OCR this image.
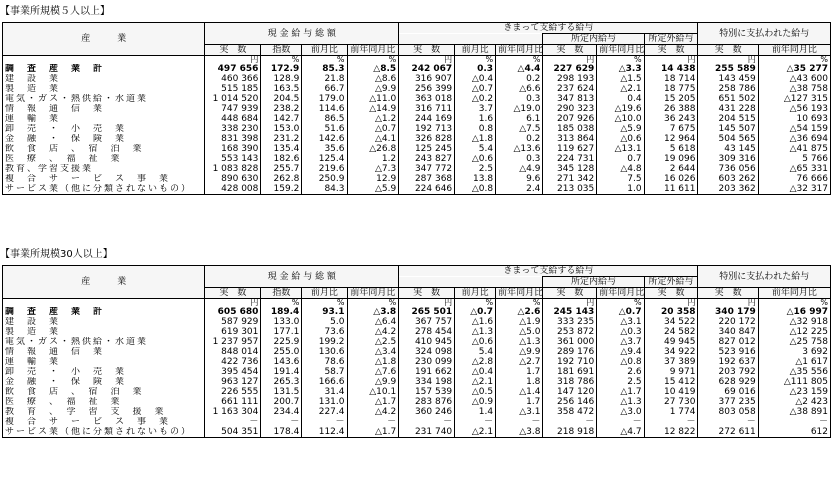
【事業所規模５人以上】
産　　　業	現 金 給 与 総 額				きまって支給する給与						特別に支払われた給与	
								所定内給与		所定外給与		
	実　数	指数	前月比	前年同月比	実　数	前月比	前年同月比	実　数	前年同月比	実　数	実　数	前年同月比
	円	%	%	%	円	%	%	円	%	円	円	%
調　査　産　業　計	497 656	172.9	85.3	△8.5	242 067	0.3	△4.4	227 629	△3.3	14 438	255 589	△35 277
建　設　業	460 366	128.9	21.8	△8.6	316 907	△0.4	0.2	298 193	△1.5	18 714	143 459	△43 600
製　造　業	515 185	163.5	66.7	△9.9	256 399	△0.7	△6.6	237 624	△2.1	18 775	258 786	△38 758
電気・ガス・熱供給・水道業	1 014 520	204.5	179.0	△11.0	363 018	△0.2	0.3	347 813	0.4	15 205	651 502	△127 315
情　報　通　信　業	747 939	238.2	114.6	△14.9	316 711	3.7	△19.0	290 323	△19.6	26 388	431 228	△56 193
運　輸　業	448 684	142.7	86.5	△1.2	244 169	1.6	6.1	207 926	△10.0	36 243	204 515	10 693
卸　売　・　小　売　業	338 230	153.0	51.6	△0.7	192 713	0.8	△7.5	185 038	△5.9	7 675	145 507	△54 159
金　融　・　保　険　業	831 398	231.2	142.6	△4.1	326 828	△1.8	0.2	313 864	△0.6	12 964	504 565	△36 694
飲　食　店　、　宿　泊　業	168 390	135.4	35.6	△26.8	125 245	5.4	△13.6	119 627	△13.1	5 618	43 145	△41 875
医　療　、　福　祉　業	553 143	182.6	125.4	1.2	243 827	△0.6	0.3	224 731	0.7	19 096	309 316	5 766
教育、学習支援業	1 083 828	255.7	219.6	△7.3	347 772	2.5	△4.9	345 128	△4.8	2 644	736 056	△65 331
複　合　サ　ー　ビ　ス　事　業	890 630	262.8	250.9	12.9	287 368	13.8	9.6	271 342	7.5	16 026	603 262	76 666
サービス業（他に分類されないもの）	428 008	159.2	84.3	△5.9	224 646	△0.8	2.4	213 035	1.0	11 611	203 362	△32 317
【事業所規模30人以上】
産　　　業	現 金 給 与 総 額				きまって支給する給与						特別に支払われた給与	
								所定内給与		所定外給与		
	実　数	指数	前月比	前年同月比	実　数	前月比	前年同月比	実　数	前年同月比	実　数	実　数	前年同月比
	円	%	%	%	円	%	%	円	%	円	円	%
調　査　産　業　計	605 680	189.4	93.1	△3.8	265 501	△0.7	△2.6	245 143	△0.7	20 358	340 179	△16 997
建　設　業	587 929	133.0	5.0	△6.4	367 757	△1.6	△1.9	333 235	△3.1	34 522	220 172	△32 918
製　造　業	619 301	177.1	73.6	△4.2	278 454	△1.3	△5.0	253 872	△0.3	24 582	340 847	△12 225
電気・ガス・熱供給・水道業	1 237 957	225.9	199.2	△2.5	410 945	△0.6	△1.3	361 000	△3.7	49 945	827 012	△25 758
情　報　通　信　業	848 014	255.0	130.6	△3.4	324 098	5.4	△9.9	289 176	△9.4	34 922	523 916	3 692
運　輸　業	422 736	143.6	78.6	△1.8	230 099	△2.8	△2.7	192 710	△0.8	37 389	192 637	△1 617
卸　売　・　小　売　業	395 454	191.4	58.7	△7.6	191 662	△0.4	1.7	181 691	2.6	9 971	203 792	△35 556
金　融　・　保　険　業	963 127	265.3	166.6	△9.9	334 198	△2.1	1.8	318 786	2.5	15 412	628 929	△111 805
飲　食　店　、　宿　泊　業	226 555	131.5	31.4	△10.1	157 539	△0.5	△1.4	147 120	△1.7	10 419	69 016	△23 159
医　療　、　福　祉　業	661 111	200.7	131.0	△1.7	283 876	△0.9	1.7	256 146	△1.3	27 730	377 235	△2 423
教　育　、　学　習　支　援　業	1 163 304	234.4	227.4	△4.2	360 246	1.4	△3.1	358 472	△3.0	1 774	803 058	△38 891
複　合　サ　ー　ビ　ス　事　業	－	－	－	－	－	－	－	－	－	－	－	－
サービス業（他に分類されないもの）	504 351	178.4	112.4	△1.7	231 740	△2.1	△3.8	218 918	△4.7	12 822	272 611	612
